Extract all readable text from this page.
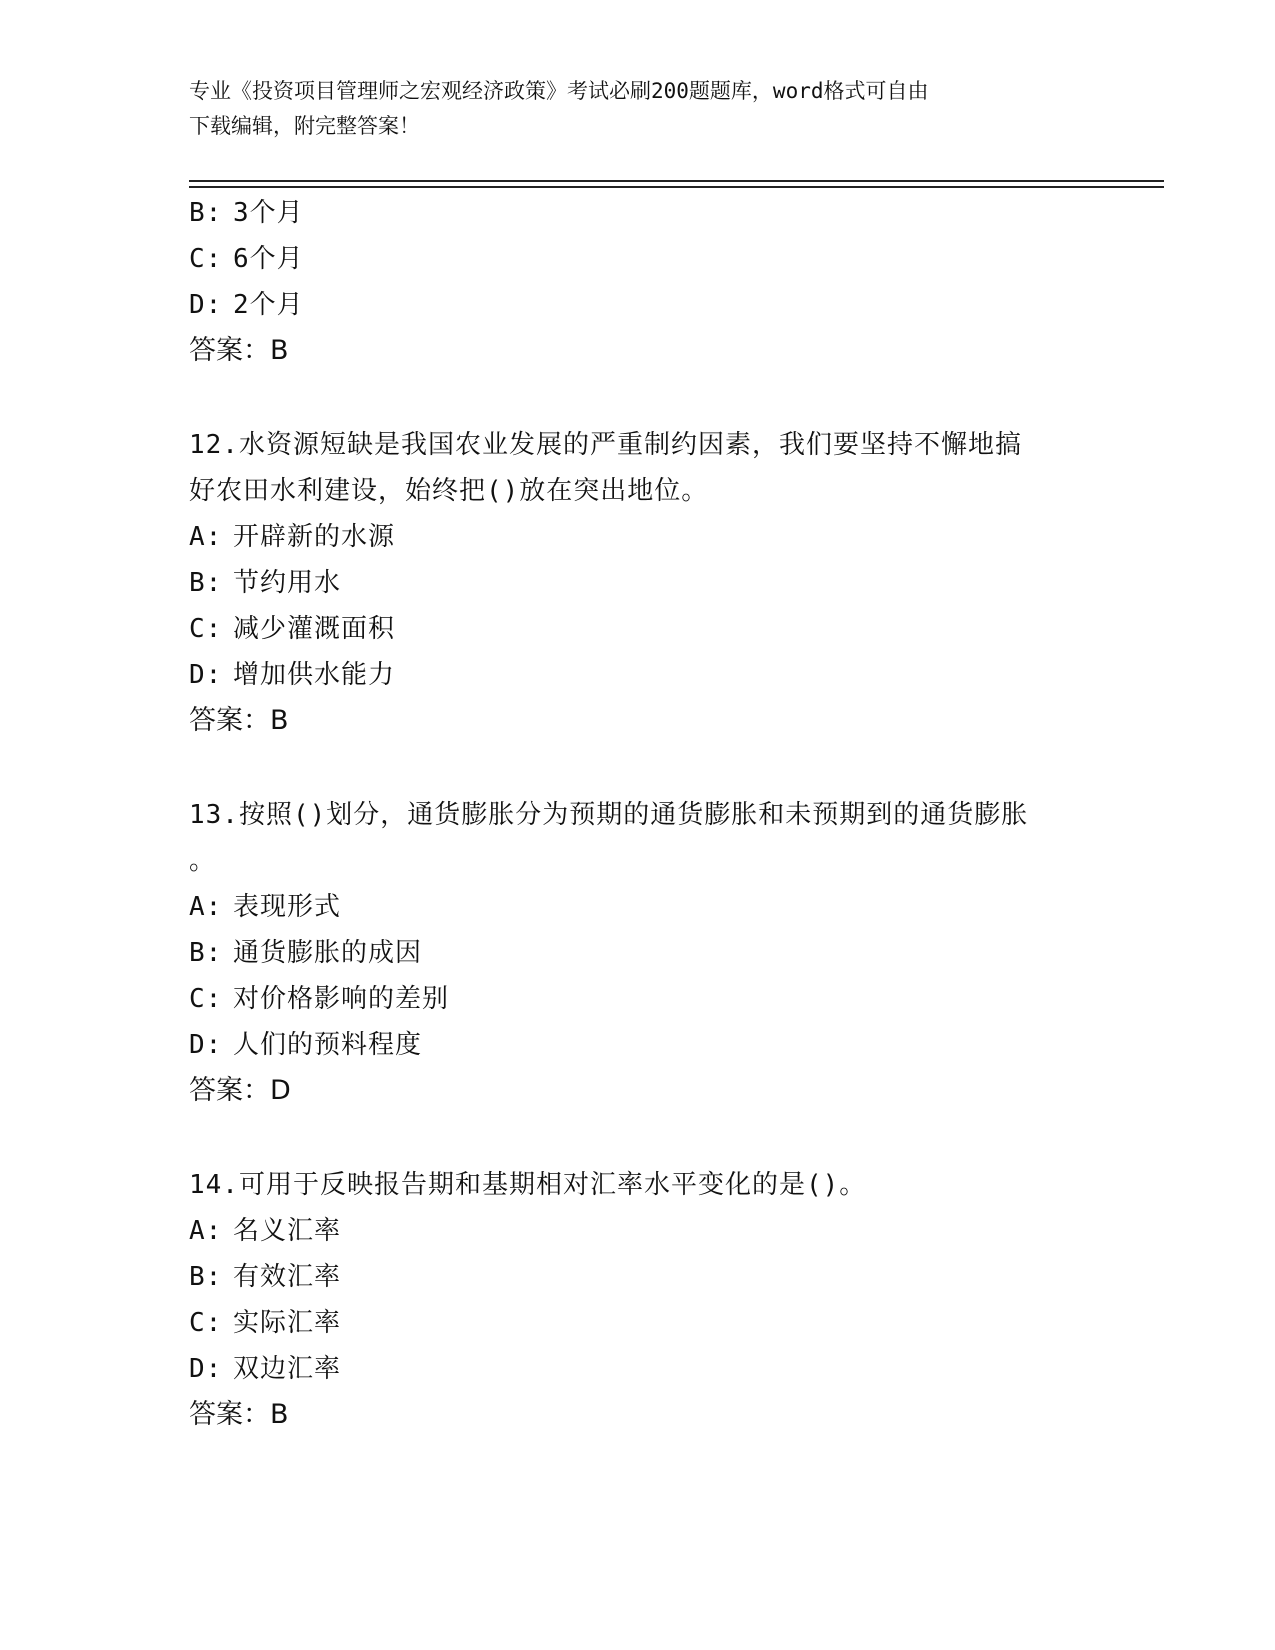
专业《投资项目管理师之宏观经济政策》考试必刷200题题库，word格式可自由
下载编辑，附完整答案！
B: 3个月
C: 6个月
D: 2个月
答案：B
12.水资源短缺是我国农业发展的严重制约因素，我们要坚持不懈地搞
好农田水利建设，始终把()放在突出地位。
A: 开辟新的水源
B: 节约用水
C: 减少灌溉面积
D: 增加供水能力
答案：B
13.按照()划分，通货膨胀分为预期的通货膨胀和未预期到的通货膨胀
。
A: 表现形式
B: 通货膨胀的成因
C: 对价格影响的差别
D: 人们的预料程度
答案：D
14.可用于反映报告期和基期相对汇率水平变化的是()。
A: 名义汇率
B: 有效汇率
C: 实际汇率
D: 双边汇率
答案：B
